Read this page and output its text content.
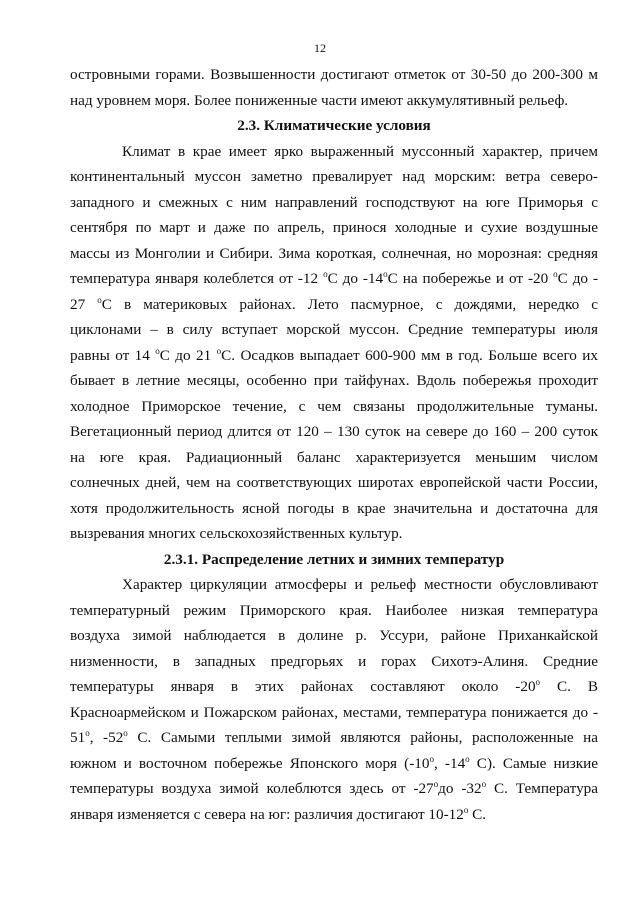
12
островными горами. Возвышенности достигают отметок от 30-50 до 200-300 м
над уровнем моря. Более пониженные части имеют аккумулятивный рельеф.
2.3. Климатические условия
Климат в крае имеет ярко выраженный муссонный характер, причем
континентальный муссон заметно превалирует над морским: ветра северо-
западного и смежных с ним направлений господствуют на юге Приморья с
сентября по март и даже по апрель, принося холодные и сухие воздушные
массы из Монголии и Сибири. Зима короткая, солнечная, но морозная: средняя
температура января колеблется от -12 $^o$С до -14$^o$С на побережье и от -20 $^o$С до -
27 $^o$С в материковых районах. Лето пасмурное, с дождями, нередко с
циклонами – в силу вступает морской муссон. Средние температуры июля
равны от 14 $^o$С до 21 $^o$С. Осадков выпадает 600-900 мм в год. Больше всего их
бывает в летние месяцы, особенно при тайфунах. Вдоль побережья проходит
холодное Приморское течение, с чем связаны продолжительные туманы.
Вегетационный период длится от 120 – 130 суток на севере до 160 – 200 суток
на юге края. Радиационный баланс характеризуется меньшим числом
солнечных дней, чем на соответствующих широтах европейской части России,
хотя продолжительность ясной погоды в крае значительна и достаточна для
вызревания многих сельскохозяйственных культур.
2.3.1. Распределение летних и зимних температур
Характер циркуляции атмосферы и рельеф местности обусловливают
температурный режим Приморского края. Наиболее низкая температура
воздуха зимой наблюдается в долине р. Уссури, районе Приханкайской
низменности, в западных предгорьях и горах Сихотэ-Алиня. Средние
температуры января в этих районах составляют около -20$^o$ С. В
Красноармейском и Пожарском районах, местами, температура понижается до -
51$^o$, -52$^o$ С. Самыми теплыми зимой являются районы, расположенные на
южном и восточном побережье Японского моря (-10$^o$, -14$^o$ С). Самые низкие
температуры воздуха зимой колеблются здесь от -27$^o$до -32$^o$ С. Температура
января изменяется с севера на юг: различия достигают 10-12$^o$ С.
